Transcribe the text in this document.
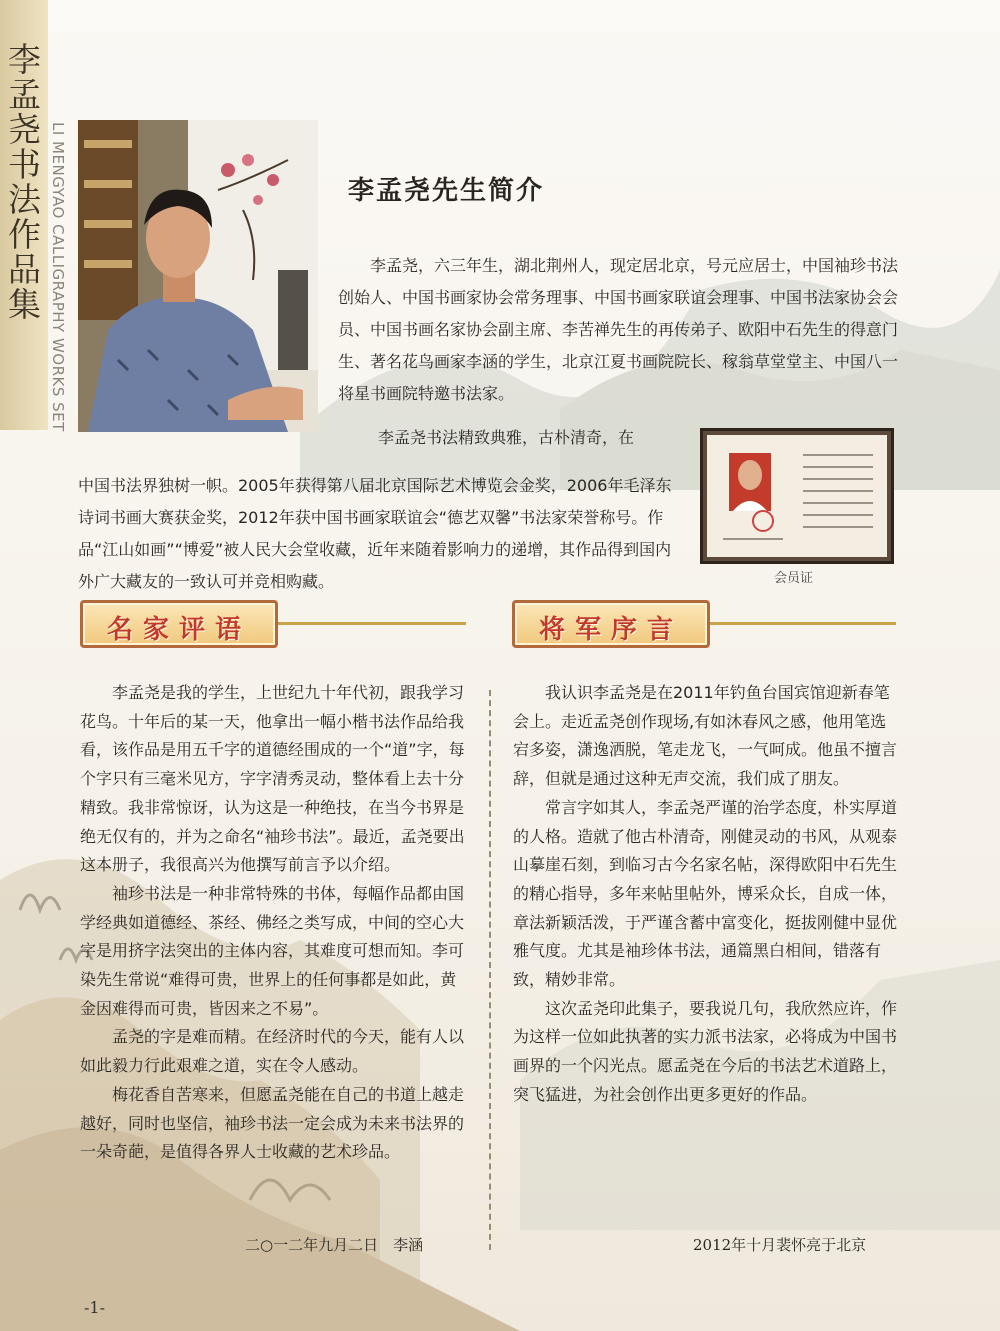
李孟尧书法作品集 LI MENGYAO CALLIGRAPHY WORKS SET	李孟尧先生简介

李孟尧，六三年生，湖北荆州人，现定居北京，号元应居士，中国袖珍书法创始人、中国书画家协会常务理事、中国书画家联谊会理事、中国书法家协会会员、中国书画名家协会副主席、李苦禅先生的再传弟子、欧阳中石先生的得意门生、著名花鸟画家李涵的学生，北京江夏书画院院长、稼翁草堂堂主、中国八一将星书画院特邀书法家。

李孟尧书法精致典雅，古朴清奇，在

中国书法界独树一帜。2005年获得第八届北京国际艺术博览会金奖，2006年毛泽东诗词书画大赛获金奖，2012年获中国书画家联谊会“德艺双馨”书法家荣誉称号。作品“江山如画”“博爱”被人民大会堂收藏，近年来随着影响力的递增，其作品得到国内外广大藏友的一致认可并竞相购藏。	会员证
名家评语	将军序言

李孟尧是我的学生，上世纪九十年代初，跟我学习花鸟。十年后的某一天，他拿出一幅小楷书法作品给我看，该作品是用五千字的道德经围成的一个“道”字，每个字只有三毫米见方，字字清秀灵动，整体看上去十分精致。我非常惊讶，认为这是一种绝技，在当今书界是绝无仅有的，并为之命名“袖珍书法”。最近，孟尧要出这本册子，我很高兴为他撰写前言予以介绍。

袖珍书法是一种非常特殊的书体，每幅作品都由国学经典如道德经、茶经、佛经之类写成，中间的空心大字是用挤字法突出的主体内容，其难度可想而知。李可染先生常说“难得可贵，世界上的任何事都是如此，黄金因难得而可贵，皆因来之不易”。

孟尧的字是难而精。在经济时代的今天，能有人以如此毅力行此艰难之道，实在令人感动。

梅花香自苦寒来，但愿孟尧能在自己的书道上越走越好，同时也坚信，袖珍书法一定会成为未来书法界的一朵奇葩，是值得各界人士收藏的艺术珍品。

二○一二年九月二日　李涵

我认识李孟尧是在2011年钓鱼台国宾馆迎新春笔会上。走近孟尧创作现场,有如沐春风之感，他用笔选宕多姿，潇逸洒脱，笔走龙飞，一气呵成。他虽不擅言辞，但就是通过这种无声交流，我们成了朋友。

常言字如其人，李孟尧严谨的治学态度，朴实厚道的人格。造就了他古朴清奇，刚健灵动的书风，从观泰山摹崖石刻，到临习古今名家名帖，深得欧阳中石先生的精心指导，多年来帖里帖外，博采众长，自成一体，章法新颖活泼，于严谨含蓄中富变化，挺拔刚健中显优雅气度。尤其是袖珍体书法，通篇黑白相间，错落有致，精妙非常。

这次孟尧印此集子，要我说几句，我欣然应许，作为这样一位如此执著的实力派书法家，必将成为中国书画界的一个闪光点。愿孟尧在今后的书法艺术道路上，突飞猛进，为社会创作出更多更好的作品。

2012年十月裴怀亮于北京
-1-
